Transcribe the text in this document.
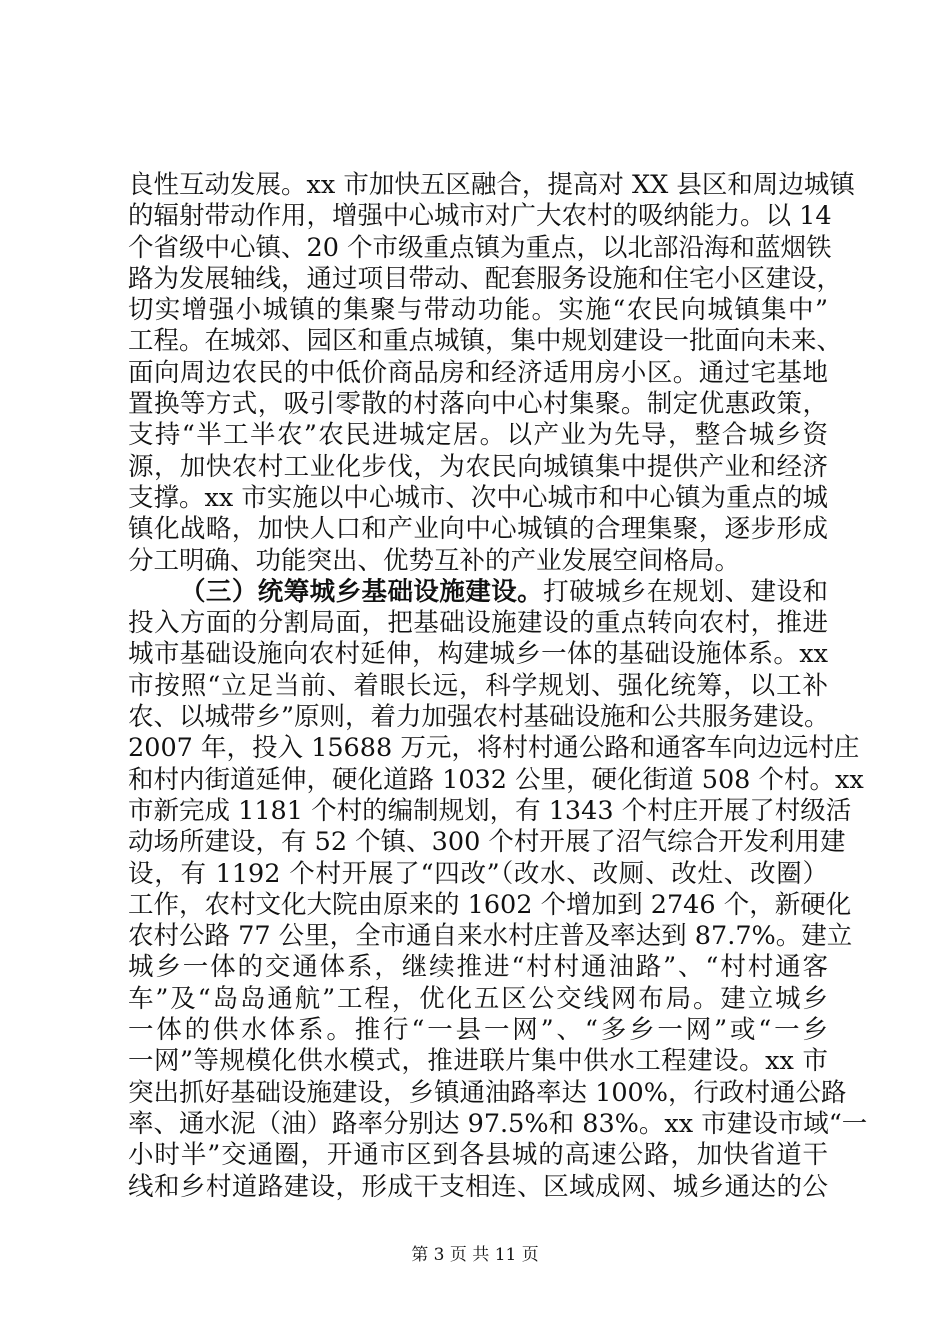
良性互动发展。xx 市加快五区融合，提高对 XX 县区和周边城镇
的辐射带动作用，增强中心城市对广大农村的吸纳能力。以 14
个省级中心镇、20 个市级重点镇为重点，以北部沿海和蓝烟铁
路为发展轴线，通过项目带动、配套服务设施和住宅小区建设，
切实增强小城镇的集聚与带动功能。实施“农民向城镇集中”
工程。在城郊、园区和重点城镇，集中规划建设一批面向未来、
面向周边农民的中低价商品房和经济适用房小区。通过宅基地
置换等方式，吸引零散的村落向中心村集聚。制定优惠政策，
支持“半工半农”农民进城定居。以产业为先导，整合城乡资
源，加快农村工业化步伐，为农民向城镇集中提供产业和经济
支撑。xx 市实施以中心城市、次中心城市和中心镇为重点的城
镇化战略，加快人口和产业向中心城镇的合理集聚，逐步形成
分工明确、功能突出、优势互补的产业发展空间格局。
（三）统筹城乡基础设施建设。打破城乡在规划、建设和
投入方面的分割局面，把基础设施建设的重点转向农村，推进
城市基础设施向农村延伸，构建城乡一体的基础设施体系。xx
市按照“立足当前、着眼长远，科学规划、强化统筹，以工补
农、以城带乡”原则，着力加强农村基础设施和公共服务建设。
2007 年，投入 15688 万元，将村村通公路和通客车向边远村庄
和村内街道延伸，硬化道路 1032 公里，硬化街道 508 个村。xx
市新完成 1181 个村的编制规划，有 1343 个村庄开展了村级活
动场所建设，有 52 个镇、300 个村开展了沼气综合开发利用建
设，有 1192 个村开展了“四改”（改水、改厕、改灶、改圈）
工作，农村文化大院由原来的 1602 个增加到 2746 个，新硬化
农村公路 77 公里，全市通自来水村庄普及率达到 87.7%。建立
城乡一体的交通体系，继续推进“村村通油路”、“村村通客
车”及“岛岛通航”工程，优化五区公交线网布局。建立城乡
一体的供水体系。推行“一县一网”、“多乡一网”或“一乡
一网”等规模化供水模式，推进联片集中供水工程建设。xx 市
突出抓好基础设施建设，乡镇通油路率达 100%，行政村通公路
率、通水泥（油）路率分别达 97.5%和 83%。xx 市建设市域“一
小时半”交通圈，开通市区到各县城的高速公路，加快省道干
线和乡村道路建设，形成干支相连、区域成网、城乡通达的公
第 3 页 共 11 页
